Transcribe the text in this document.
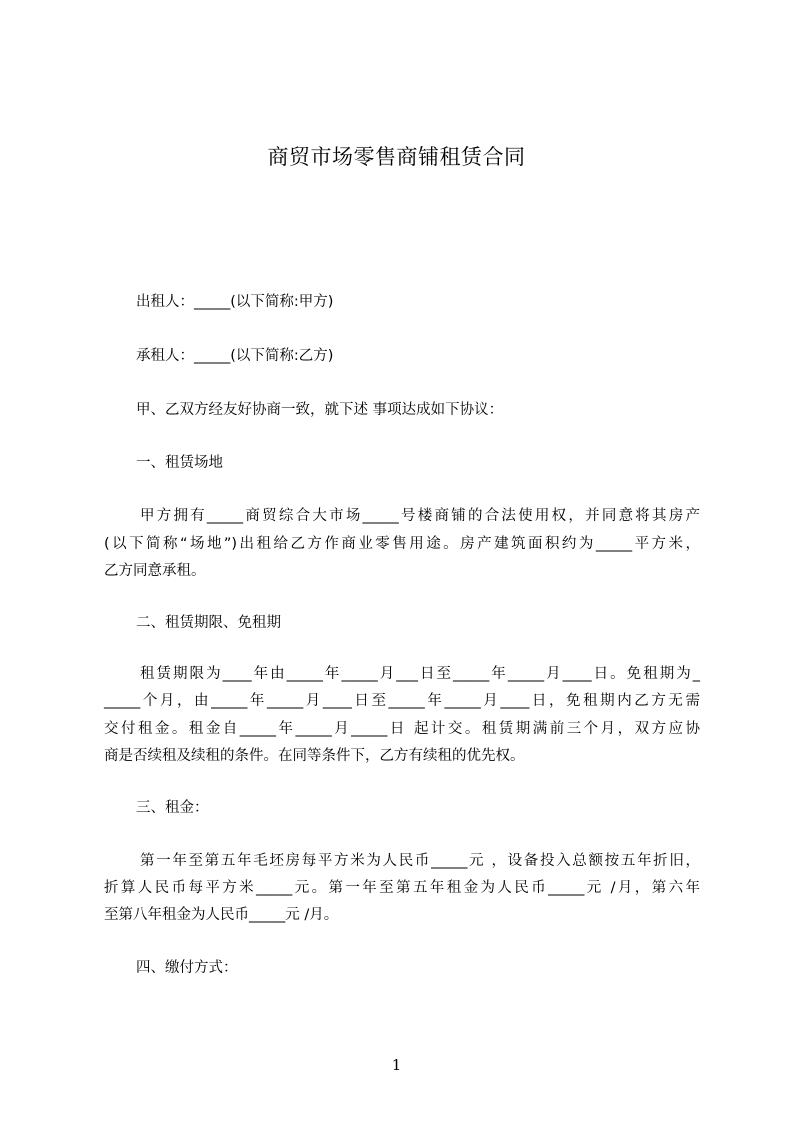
商贸市场零售商铺租赁合同
出租人：_____(以下简称:甲方)
承租人：_____(以下简称:乙方)
甲、乙双方经友好协商一致，就下述 事项达成如下协议：
一、租赁场地
甲方拥有_____商贸综合大市场_____号楼商铺的合法使用权，并同意将其房产
(以下简称“场地”)出租给乙方作商业零售用途。房产建筑面积约为_____平方米，
乙方同意承租。
二、租赁期限、免租期
租赁期限为____年由_____年_____月___日至_____年_____月____日。免租期为_
_____个月，由_____年_____月____日至_____年_____月____日，免租期内乙方无需
交付租金。租金自_____年_____月_____日 起计交。租赁期满前三个月，双方应协
商是否续租及续租的条件。在同等条件下，乙方有续租的优先权。
三、租金：
第一年至第五年毛坯房每平方米为人民币_____元 ，设备投入总额按五年折旧，
折算人民币每平方米_____元。第一年至第五年租金为人民币_____元 /月，第六年
至第八年租金为人民币_____元 /月。
四、缴付方式：
1
